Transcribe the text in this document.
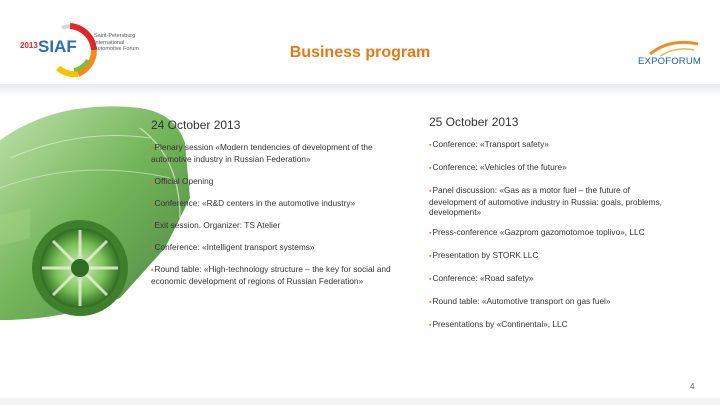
2013 SIAF
Saint-Petersburg
International
Automotive Forum	Business program
EXPOFORUM
24 October 2013
▪Plenary session «Modern tendencies of development of the automotive industry in Russian Federation»
▪Official Opening
▪Conference: «R&D centers in the automotive industry»
▪Exit session. Organizer: TS Atelier
▪Conference: «Intelligent transport systems»
▪Round table: «High-technology structure – the key for social and economic development of regions of Russian Federation»
25 October 2013
▪Conference: «Transport safety»
▪Conference: «Vehicles of the future»
▪Panel discussion: «Gas as a motor fuel – the future of development of automotive industry in Russia: goals, problems, development»
▪Press-conference «Gazprom gazomotornoe toplivo», LLC
▪Presentation by STORK LLC
▪Conference: «Road safety»
▪Round table: «Automotive transport on gas fuel»
▪Presentations by «Continental», LLC
4
